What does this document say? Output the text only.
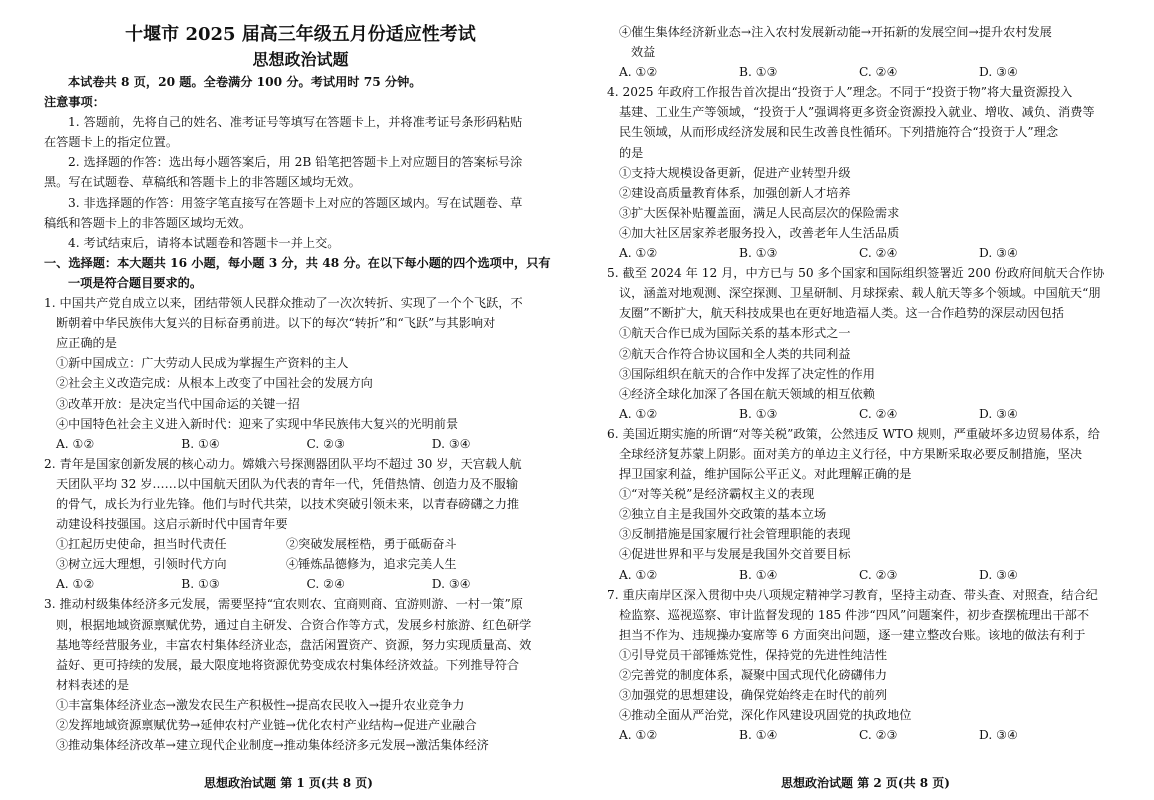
十堰市 2025 届高三年级五月份适应性考试
思想政治试题
本试卷共 8 页，20 题。全卷满分 100 分。考试用时 75 分钟。
注意事项：
1. 答题前，先将自己的姓名、准考证号等填写在答题卡上，并将准考证号条形码粘贴
在答题卡上的指定位置。
2. 选择题的作答：选出每小题答案后，用 2B 铅笔把答题卡上对应题目的答案标号涂
黑。写在试题卷、草稿纸和答题卡上的非答题区域均无效。
3. 非选择题的作答：用签字笔直接写在答题卡上对应的答题区域内。写在试题卷、草
稿纸和答题卡上的非答题区域均无效。
4. 考试结束后，请将本试题卷和答题卡一并上交。
一、选择题：本大题共 16 小题，每小题 3 分，共 48 分。在以下每小题的四个选项中，只有
一项是符合题目要求的。
1. 中国共产党自成立以来，团结带领人民群众推动了一次次转折、实现了一个个飞跃，不
断朝着中华民族伟大复兴的目标奋勇前进。以下的每次“转折”和“飞跃”与其影响对
应正确的是
①新中国成立：广大劳动人民成为掌握生产资料的主人
②社会主义改造完成：从根本上改变了中国社会的发展方向
③改革开放：是决定当代中国命运的关键一招
④中国特色社会主义进入新时代：迎来了实现中华民族伟大复兴的光明前景
A. ①②	B. ①④	C. ②③	D. ③④
2. 青年是国家创新发展的核心动力。嫦娥六号探测器团队平均不超过 30 岁，天宫载人航
天团队平均 32 岁……以中国航天团队为代表的青年一代，凭借热情、创造力及不服输
的骨气，成长为行业先锋。他们与时代共荣，以技术突破引领未来，以青春磅礴之力推
动建设科技强国。这启示新时代中国青年要
①扛起历史使命，担当时代责任	②突破发展桎梏，勇于砥砺奋斗
③树立远大理想，引领时代方向	④锤炼品德修为，追求完美人生
A. ①②	B. ①③	C. ②④	D. ③④
3. 推动村级集体经济多元发展，需要坚持“宜农则农、宜商则商、宜游则游、一村一策”原
则，根据地域资源禀赋优势，通过自主研发、合资合作等方式，发展乡村旅游、红色研学
基地等经营服务业，丰富农村集体经济业态，盘活闲置资产、资源，努力实现质量高、效
益好、更可持续的发展，最大限度地将资源优势变成农村集体经济效益。下列推导符合
材料表述的是
①丰富集体经济业态→激发农民生产积极性→提高农民收入→提升农业竞争力
②发挥地域资源禀赋优势→延伸农村产业链→优化农村产业结构→促进产业融合
③推动集体经济改革→建立现代企业制度→推动集体经济多元发展→激活集体经济
思想政治试题 第 1 页(共 8 页)
④催生集体经济新业态→注入农村发展新动能→开拓新的发展空间→提升农村发展
效益
A. ①②	B. ①③	C. ②④	D. ③④
4. 2025 年政府工作报告首次提出“投资于人”理念。不同于“投资于物”将大量资源投入
基建、工业生产等领域，“投资于人”强调将更多资金资源投入就业、增收、减负、消费等
民生领域，从而形成经济发展和民生改善良性循环。下列措施符合“投资于人”理念
的是
①支持大规模设备更新，促进产业转型升级
②建设高质量教育体系，加强创新人才培养
③扩大医保补贴覆盖面，满足人民高层次的保险需求
④加大社区居家养老服务投入，改善老年人生活品质
A. ①②	B. ①③	C. ②④	D. ③④
5. 截至 2024 年 12 月，中方已与 50 多个国家和国际组织签署近 200 份政府间航天合作协
议，涵盖对地观测、深空探测、卫星研制、月球探索、载人航天等多个领域。中国航天“朋
友圈”不断扩大，航天科技成果也在更好地造福人类。这一合作趋势的深层动因包括
①航天合作已成为国际关系的基本形式之一
②航天合作符合协议国和全人类的共同利益
③国际组织在航天的合作中发挥了决定性的作用
④经济全球化加深了各国在航天领域的相互依赖
A. ①②	B. ①③	C. ②④	D. ③④
6. 美国近期实施的所谓“对等关税”政策，公然违反 WTO 规则，严重破坏多边贸易体系，给
全球经济复苏蒙上阴影。面对美方的单边主义行径，中方果断采取必要反制措施，坚决
捍卫国家利益，维护国际公平正义。对此理解正确的是
①“对等关税”是经济霸权主义的表现
②独立自主是我国外交政策的基本立场
③反制措施是国家履行社会管理职能的表现
④促进世界和平与发展是我国外交首要目标
A. ①②	B. ①④	C. ②③	D. ③④
7. 重庆南岸区深入贯彻中央八项规定精神学习教育，坚持主动查、带头查、对照查，结合纪
检监察、巡视巡察、审计监督发现的 185 件涉“四风”问题案件，初步查摆梳理出干部不
担当不作为、违规操办宴席等 6 方面突出问题，逐一建立整改台账。该地的做法有利于
①引导党员干部锤炼党性，保持党的先进性纯洁性
②完善党的制度体系，凝聚中国式现代化磅礴伟力
③加强党的思想建设，确保党始终走在时代的前列
④推动全面从严治党，深化作风建设巩固党的执政地位
A. ①②	B. ①④	C. ②③	D. ③④
思想政治试题 第 2 页(共 8 页)
